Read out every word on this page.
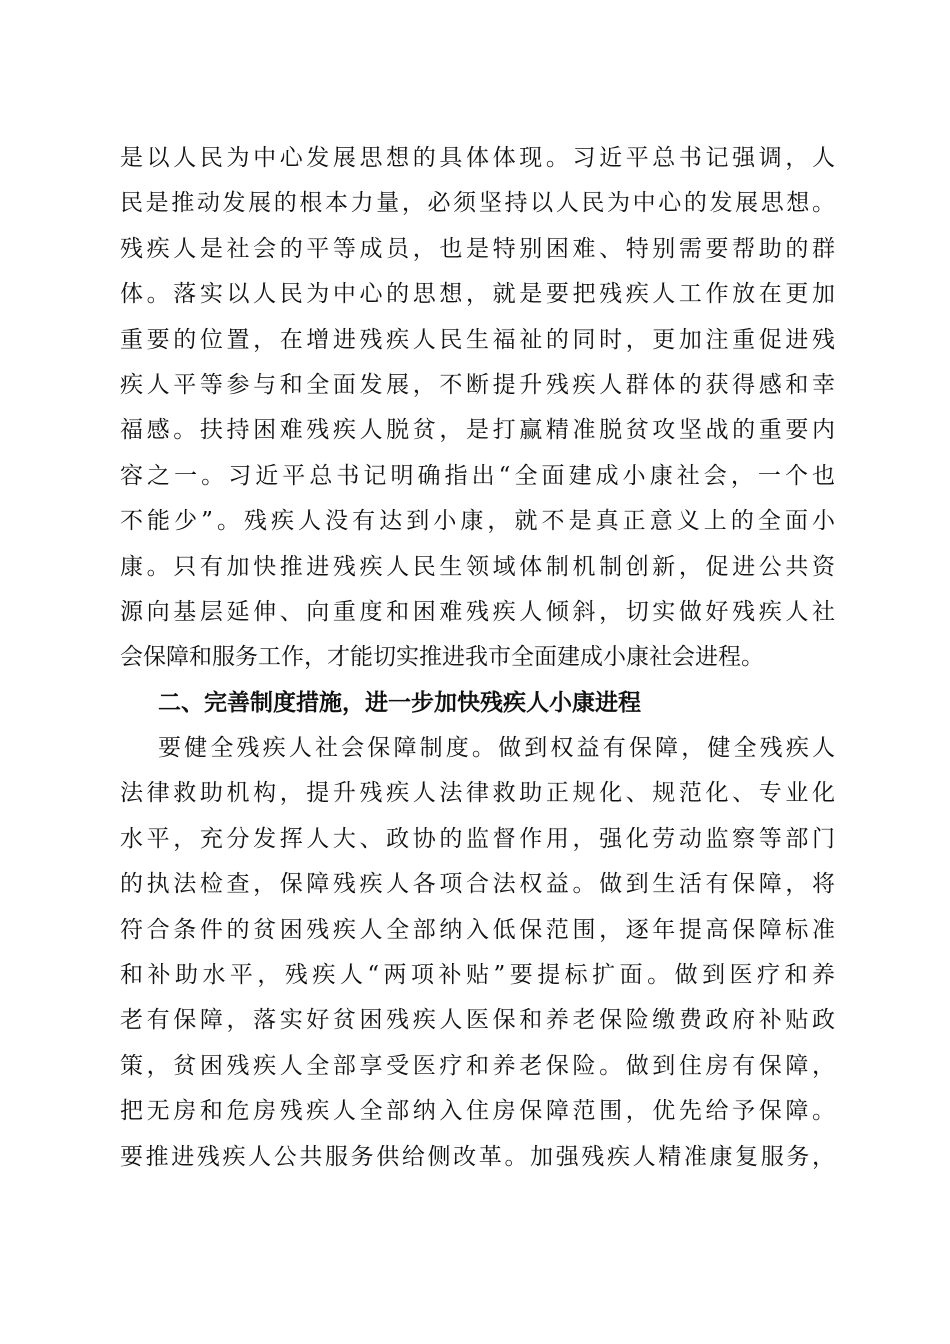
是以人民为中心发展思想的具体体现。习近平总书记强调，人
民是推动发展的根本力量，必须坚持以人民为中心的发展思想。
残疾人是社会的平等成员，也是特别困难、特别需要帮助的群
体。落实以人民为中心的思想，就是要把残疾人工作放在更加
重要的位置，在增进残疾人民生福祉的同时，更加注重促进残
疾人平等参与和全面发展，不断提升残疾人群体的获得感和幸
福感。扶持困难残疾人脱贫，是打赢精准脱贫攻坚战的重要内
容之一。习近平总书记明确指出“全面建成小康社会，一个也
不能少”。残疾人没有达到小康，就不是真正意义上的全面小
康。只有加快推进残疾人民生领域体制机制创新，促进公共资
源向基层延伸、向重度和困难残疾人倾斜，切实做好残疾人社
会保障和服务工作，才能切实推进我市全面建成小康社会进程。
二、完善制度措施，进一步加快残疾人小康进程
要健全残疾人社会保障制度。做到权益有保障，健全残疾人
法律救助机构，提升残疾人法律救助正规化、规范化、专业化
水平，充分发挥人大、政协的监督作用，强化劳动监察等部门
的执法检查，保障残疾人各项合法权益。做到生活有保障，将
符合条件的贫困残疾人全部纳入低保范围，逐年提高保障标准
和补助水平，残疾人“两项补贴”要提标扩面。做到医疗和养
老有保障，落实好贫困残疾人医保和养老保险缴费政府补贴政
策，贫困残疾人全部享受医疗和养老保险。做到住房有保障，
把无房和危房残疾人全部纳入住房保障范围，优先给予保障。
要推进残疾人公共服务供给侧改革。加强残疾人精准康复服务，
